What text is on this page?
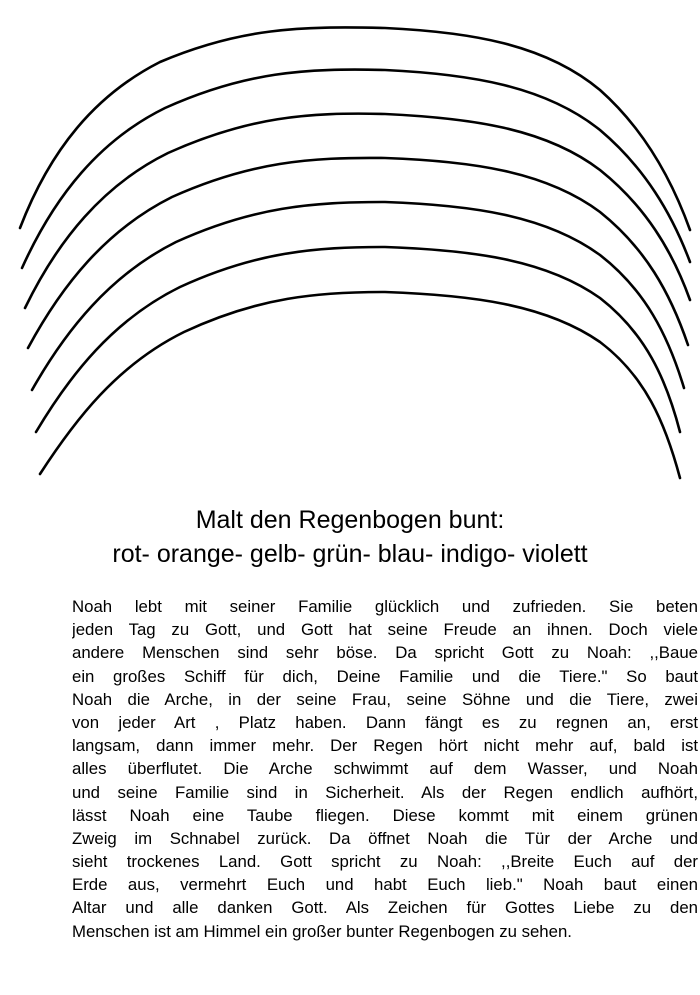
Malt den Regenbogen bunt:
rot- orange- gelb- grün- blau- indigo- violett
Noah lebt mit seiner Familie glücklich und zufrieden. Sie beten
jeden Tag zu Gott, und Gott hat seine Freude an ihnen. Doch viele
andere Menschen sind sehr böse. Da spricht Gott zu Noah: ,,Baue
ein großes Schiff für dich, Deine Familie und die Tiere." So baut
Noah die Arche, in der seine Frau, seine Söhne und die Tiere, zwei
von jeder Art , Platz haben. Dann fängt es zu regnen an, erst
langsam, dann immer mehr. Der Regen hört nicht mehr auf, bald ist
alles überflutet. Die Arche schwimmt auf dem Wasser, und Noah
und seine Familie sind in Sicherheit. Als der Regen endlich aufhört,
lässt Noah eine Taube fliegen. Diese kommt mit einem grünen
Zweig im Schnabel zurück. Da öffnet Noah die Tür der Arche und
sieht trockenes Land. Gott spricht zu Noah: ,,Breite Euch auf der
Erde aus, vermehrt Euch und habt Euch lieb." Noah baut einen
Altar und alle danken Gott. Als Zeichen für Gottes Liebe zu den
Menschen ist am Himmel ein großer bunter Regenbogen zu sehen.
